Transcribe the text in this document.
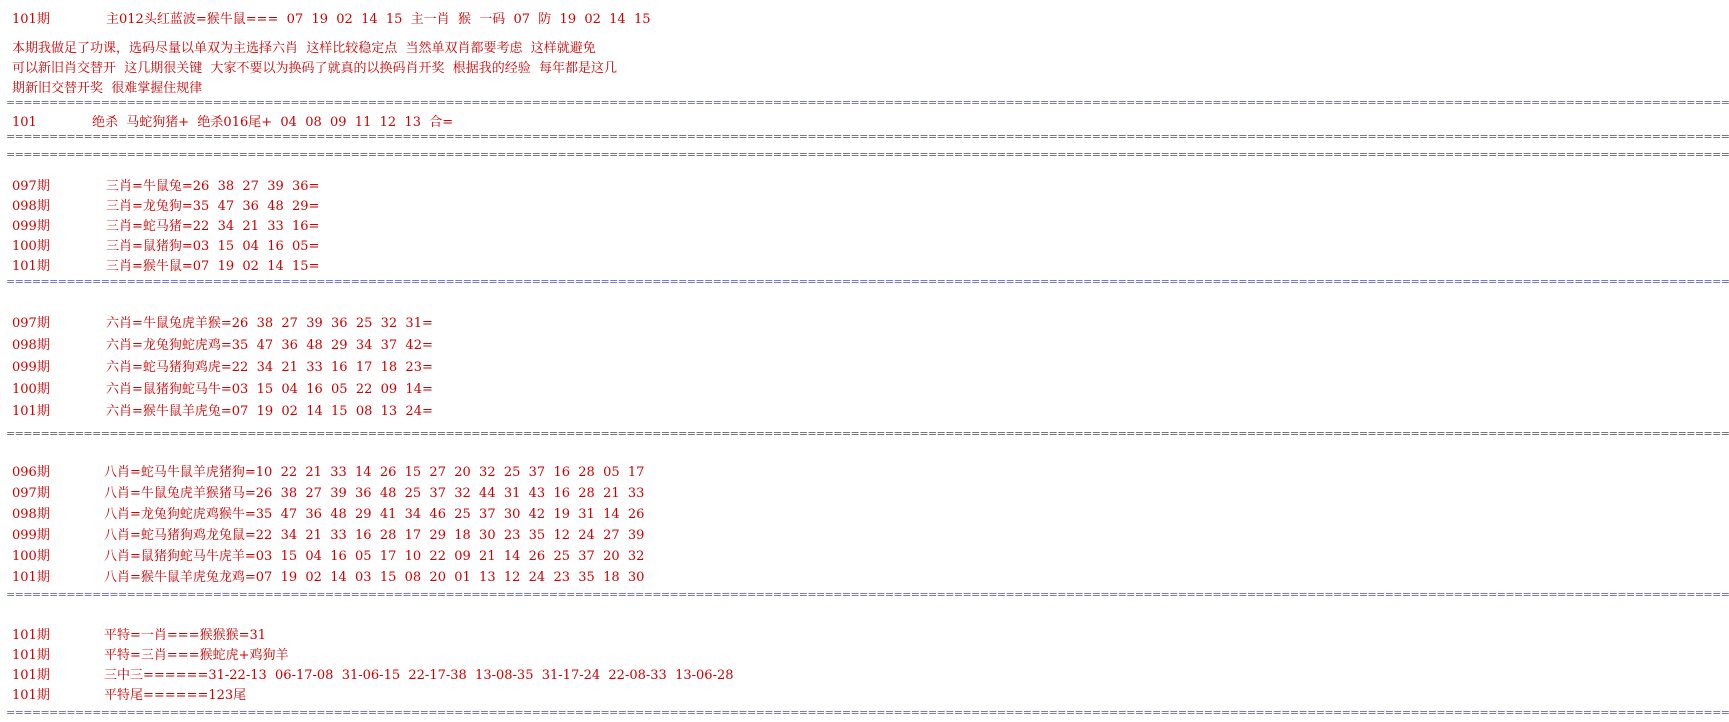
101期	主012头红蓝波=猴牛鼠===  07  19  02  14  15  主一肖  猴  一码  07  防  19  02  14  15
本期我做足了功课，选码尽量以单双为主选择六肖  这样比较稳定点  当然单双肖都要考虑  这样就避免
可以新旧肖交替开  这几期很关键  大家不要以为换码了就真的以换码肖开奖  根据我的经验  每年都是这几
期新旧交替开奖  很难掌握住规律
========================================================================================================================================================================================================
101	绝杀  马蛇狗猪+  绝杀016尾+  04  08  09  11  12  13  合=
========================================================================================================================================================================================================
========================================================================================================================================================================================================
097期	三肖=牛鼠兔=26  38  27  39  36=
098期	三肖=龙兔狗=35  47  36  48  29=
099期	三肖=蛇马猪=22  34  21  33  16=
100期	三肖=鼠猪狗=03  15  04  16  05=
101期	三肖=猴牛鼠=07  19  02  14  15=
========================================================================================================================================================================================================
097期	六肖=牛鼠兔虎羊猴=26  38  27  39  36  25  32  31=
098期	六肖=龙兔狗蛇虎鸡=35  47  36  48  29  34  37  42=
099期	六肖=蛇马猪狗鸡虎=22  34  21  33  16  17  18  23=
100期	六肖=鼠猪狗蛇马牛=03  15  04  16  05  22  09  14=
101期	六肖=猴牛鼠羊虎兔=07  19  02  14  15  08  13  24=
========================================================================================================================================================================================================
096期	八肖=蛇马牛鼠羊虎猪狗=10  22  21  33  14  26  15  27  20  32  25  37  16  28  05  17
097期	八肖=牛鼠兔虎羊猴猪马=26  38  27  39  36  48  25  37  32  44  31  43  16  28  21  33
098期	八肖=龙兔狗蛇虎鸡猴牛=35  47  36  48  29  41  34  46  25  37  30  42  19  31  14  26
099期	八肖=蛇马猪狗鸡龙兔鼠=22  34  21  33  16  28  17  29  18  30  23  35  12  24  27  39
100期	八肖=鼠猪狗蛇马牛虎羊=03  15  04  16  05  17  10  22  09  21  14  26  25  37  20  32
101期	八肖=猴牛鼠羊虎兔龙鸡=07  19  02  14  03  15  08  20  01  13  12  24  23  35  18  30
========================================================================================================================================================================================================
101期	平特=一肖===猴猴猴=31
101期	平特=三肖===猴蛇虎+鸡狗羊
101期	三中三======31-22-13  06-17-08  31-06-15  22-17-38  13-08-35  31-17-24  22-08-33  13-06-28
101期	平特尾======123尾
========================================================================================================================================================================================================
